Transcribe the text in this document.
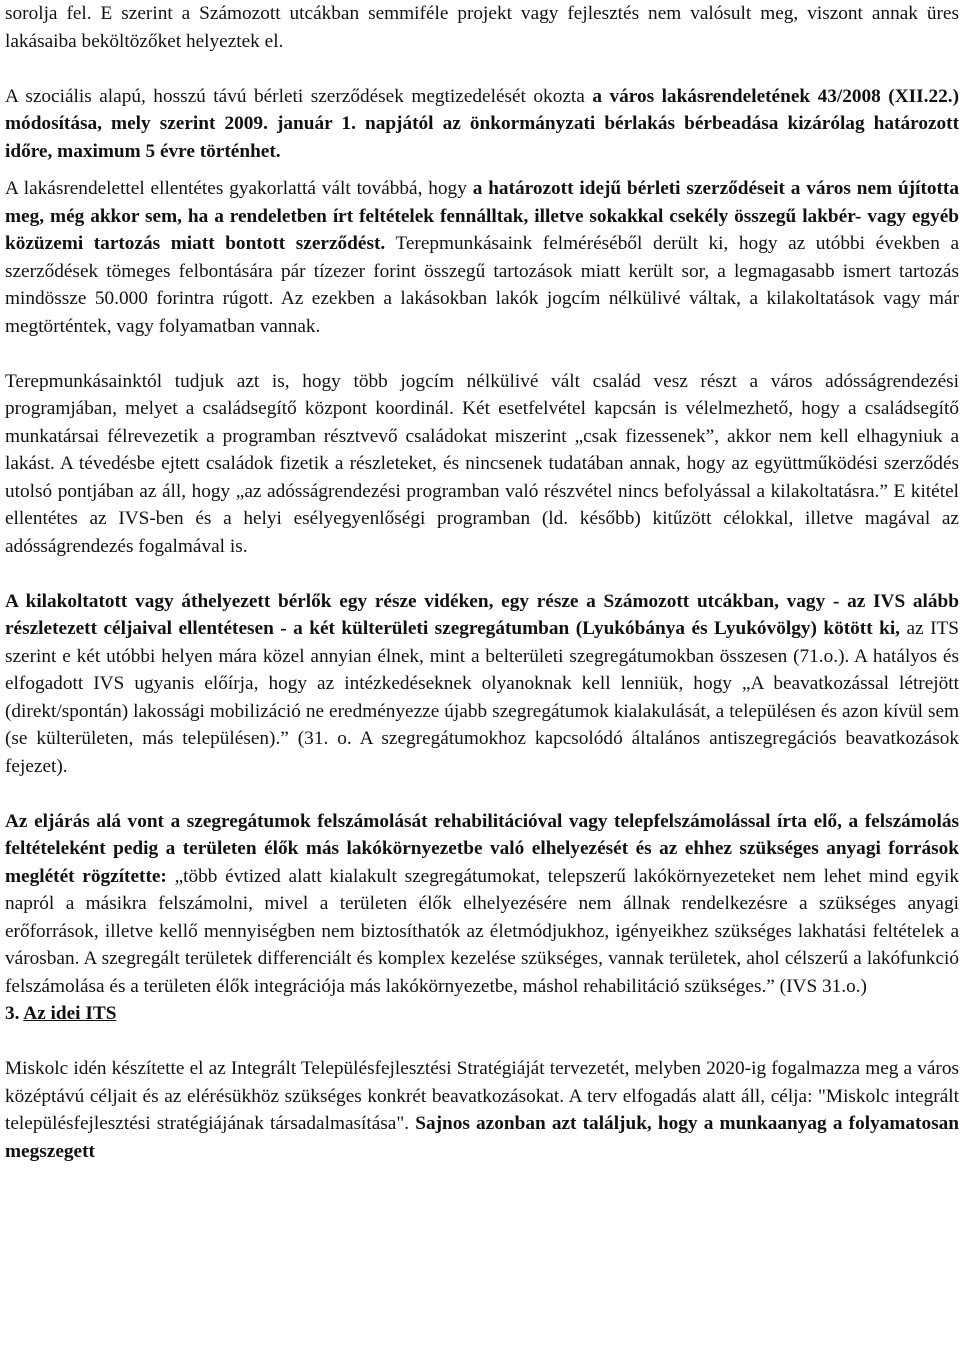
sorolja fel. E szerint a Számozott utcákban semmiféle projekt vagy fejlesztés nem valósult meg, viszont annak üres lakásaiba beköltözőket helyeztek el.

A szociális alapú, hosszú távú bérleti szerződések megtizedelését okozta a város lakásrendeletének 43/2008 (XII.22.) módosítása, mely szerint 2009. január 1. napjától az önkormányzati bérlakás bérbeadása kizárólag határozott időre, maximum 5 évre történhet.

A lakásrendelettel ellentétes gyakorlattá vált továbbá, hogy a határozott idejű bérleti szerződéseit a város nem újította meg, még akkor sem, ha a rendeletben írt feltételek fennálltak, illetve sokakkal csekély összegű lakbér- vagy egyéb közüzemi tartozás miatt bontott szerződést. Terepmunkásaink felméréséből derült ki, hogy az utóbbi években a szerződések tömeges felbontására pár tízezer forint összegű tartozások miatt került sor, a legmagasabb ismert tartozás mindössze 50.000 forintra rúgott. Az ezekben a lakásokban lakók jogcím nélkülivé váltak, a kilakoltatások vagy már megtörténtek, vagy folyamatban vannak.

Terepmunkásainktól tudjuk azt is, hogy több jogcím nélkülivé vált család vesz részt a város adósságrendezési programjában, melyet a családsegítő központ koordinál. Két esetfelvétel kapcsán is vélelmezhető, hogy a családsegítő munkatársai félrevezetik a programban résztvevő családokat miszerint „csak fizessenek”, akkor nem kell elhagyniuk a lakást. A tévedésbe ejtett családok fizetik a részleteket, és nincsenek tudatában annak, hogy az együttműködési szerződés utolsó pontjában az áll, hogy „az adósságrendezési programban való részvétel nincs befolyással a kilakoltatásra.” E kitétel ellentétes az IVS-ben és a helyi esélyegyenlőségi programban (ld. később) kitűzött célokkal, illetve magával az adósságrendezés fogalmával is.

A kilakoltatott vagy áthelyezett bérlők egy része vidéken, egy része a Számozott utcákban, vagy - az IVS alább részletezett céljaival ellentétesen - a két külterületi szegregátumban (Lyukóbánya és Lyukóvölgy) kötött ki, az ITS szerint e két utóbbi helyen mára közel annyian élnek, mint a belterületi szegregátumokban összesen (71.o.). A hatályos és elfogadott IVS ugyanis előírja, hogy az intézkedéseknek olyanoknak kell lenniük, hogy „A beavatkozással létrejött (direkt/spontán) lakossági mobilizáció ne eredményezze újabb szegregátumok kialakulását, a településen és azon kívül sem (se külterületen, más településen).” (31. o. A szegregátumokhoz kapcsolódó általános antiszegregációs beavatkozások fejezet).

Az eljárás alá vont a szegregátumok felszámolását rehabilitációval vagy telepfelszámolással írta elő, a felszámolás feltételeként pedig a területen élők más lakókörnyezetbe való elhelyezését és az ehhez szükséges anyagi források meglétét rögzítette: „több évtized alatt kialakult szegregátumokat, telepszerű lakókörnyezeteket nem lehet mind egyik napról a másikra felszámolni, mivel a területen élők elhelyezésére nem állnak rendelkezésre a szükséges anyagi erőforrások, illetve kellő mennyiségben nem biztosíthatók az életmódjukhoz, igényeikhez szükséges lakhatási feltételek a városban. A szegregált területek differenciált és komplex kezelése szükséges, vannak területek, ahol célszerű a lakófunkció felszámolása és a területen élők integrációja más lakókörnyezetbe, máshol rehabilitáció szükséges.” (IVS 31.o.)

3. Az idei ITS

Miskolc idén készítette el az Integrált Településfejlesztési Stratégiáját tervezetét, melyben 2020-ig fogalmazza meg a város középtávú céljait és az elérésükhöz szükséges konkrét beavatkozásokat. A terv elfogadás alatt áll, célja: "Miskolc integrált településfejlesztési stratégiájának társadalmasítása". Sajnos azonban azt találjuk, hogy a munkaanyag a folyamatosan megszegett
